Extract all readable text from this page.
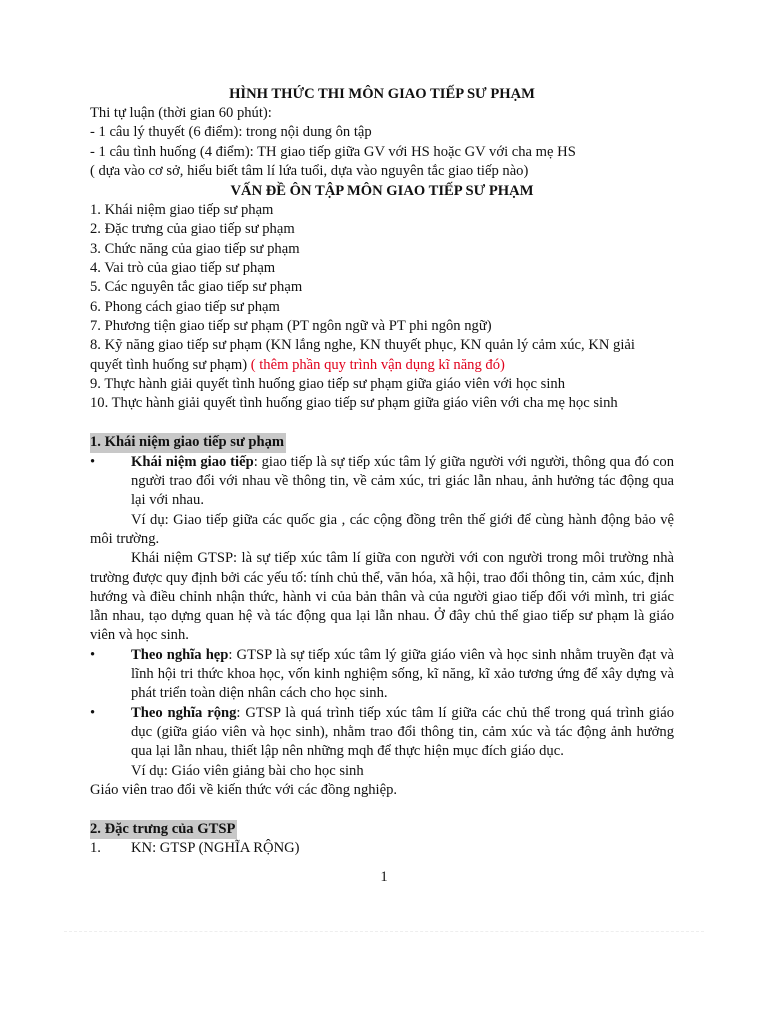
HÌNH THỨC THI MÔN GIAO TIẾP SƯ PHẠM

Thi tự luận (thời gian 60 phút):

- 1 câu lý thuyết (6 điểm): trong nội dung ôn tập

- 1 câu tình huống (4 điểm): TH giao tiếp giữa GV với HS hoặc GV với cha mẹ HS

( dựa vào cơ sở, hiểu biết tâm lí lứa tuổi, dựa vào nguyên tắc giao tiếp nào)

VẤN ĐỀ ÔN TẬP MÔN GIAO TIẾP SƯ PHẠM

1. Khái niệm giao tiếp sư phạm

2. Đặc trưng của giao tiếp sư phạm

3. Chức năng của giao tiếp sư phạm

4. Vai trò của giao tiếp sư phạm

5. Các nguyên tắc giao tiếp sư phạm

6. Phong cách giao tiếp sư phạm

7. Phương tiện giao tiếp sư phạm (PT ngôn ngữ và PT phi ngôn ngữ)

8. Kỹ năng giao tiếp sư phạm (KN lắng nghe, KN thuyết phục, KN quản lý cảm xúc, KN giải

quyết tình huống sư phạm) ( thêm phần quy trình vận dụng kĩ năng đó)

9. Thực hành giải quyết tình huống giao tiếp sư phạm giữa giáo viên với học sinh

10. Thực hành giải quyết tình huống giao tiếp sư phạm giữa giáo viên với cha mẹ học sinh

1. Khái niệm giao tiếp sư phạm

•	Khái niệm giao tiếp: giao tiếp là sự tiếp xúc tâm lý giữa người với người, thông qua đó con người trao đổi với nhau về thông tin, về cảm xúc, tri giác lẫn nhau, ảnh hưởng tác động qua lại với nhau.

Ví dụ: Giao tiếp giữa các quốc gia , các cộng đồng trên thế giới để cùng hành động bảo vệ môi trường.

Khái niệm GTSP: là sự tiếp xúc tâm lí giữa con người với con người trong môi trường nhà trường được quy định bởi các yếu tố: tính chủ thể, văn hóa, xã hội, trao đổi thông tin, cảm xúc, định hướng và điều chỉnh nhận thức, hành vi của bản thân và của người giao tiếp đối với mình, tri giác lẫn nhau, tạo dựng quan hệ và tác động qua lại lẫn nhau. Ở đây chủ thể giao tiếp sư phạm là giáo viên và học sinh.

•	Theo nghĩa hẹp: GTSP là sự tiếp xúc tâm lý giữa giáo viên và học sinh nhằm truyền đạt và lĩnh hội tri thức khoa học, vốn kinh nghiệm sống, kĩ năng, kĩ xảo tương ứng để xây dựng và phát triển toàn diện nhân cách cho học sinh.

•	Theo nghĩa rộng: GTSP là quá trình tiếp xúc tâm lí giữa các chủ thể trong quá trình giáo dục (giữa giáo viên và học sinh), nhằm trao đổi thông tin, cảm xúc và tác động ảnh hưởng qua lại lẫn nhau, thiết lập nên những mqh để thực hiện mục đích giáo dục.

Ví dụ: Giáo viên giảng bài cho học sinh

Giáo viên trao đổi về kiến thức với các đồng nghiệp.

2. Đặc trưng của GTSP

1.	KN: GTSP (NGHĨA RỘNG)
1
